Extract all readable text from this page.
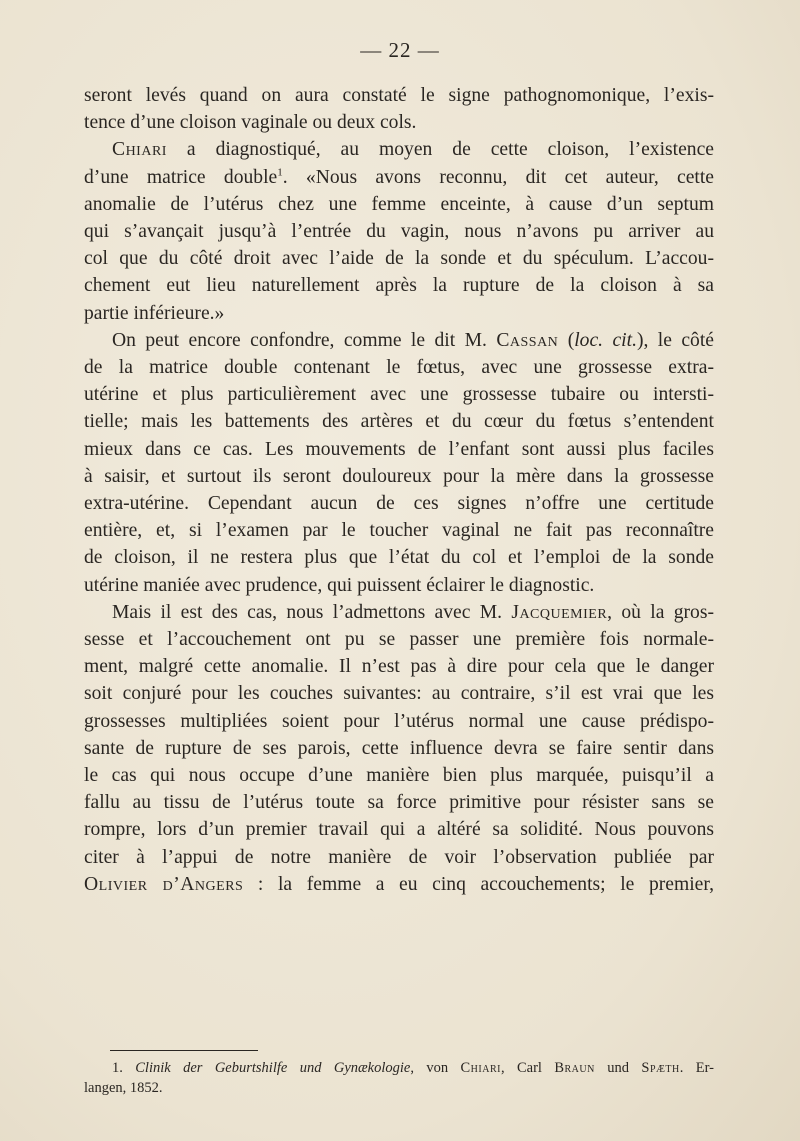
— 22 —

seront levés quand on aura constaté le signe pathognomonique, l’exis-
tence d’une cloison vaginale ou deux cols.

Chiari a diagnostiqué, au moyen de cette cloison, l’existence
d’une matrice double$^1$. «Nous avons reconnu, dit cet auteur, cette
anomalie de l’utérus chez une femme enceinte, à cause d’un septum
qui s’avançait jusqu’à l’entrée du vagin, nous n’avons pu arriver au
col que du côté droit avec l’aide de la sonde et du spéculum. L’accou-
chement eut lieu naturellement après la rupture de la cloison à sa
partie inférieure.»

On peut encore confondre, comme le dit M. Cassan (loc. cit.), le côté
de la matrice double contenant le fœtus, avec une grossesse extra-
utérine et plus particulièrement avec une grossesse tubaire ou intersti-
tielle; mais les battements des artères et du cœur du fœtus s’entendent
mieux dans ce cas. Les mouvements de l’enfant sont aussi plus faciles
à saisir, et surtout ils seront douloureux pour la mère dans la grossesse
extra-utérine. Cependant aucun de ces signes n’offre une certitude
entière, et, si l’examen par le toucher vaginal ne fait pas reconnaître
de cloison, il ne restera plus que l’état du col et l’emploi de la sonde
utérine maniée avec prudence, qui puissent éclairer le diagnostic.

Mais il est des cas, nous l’admettons avec M. Jacquemier, où la gros-
sesse et l’accouchement ont pu se passer une première fois normale-
ment, malgré cette anomalie. Il n’est pas à dire pour cela que le danger
soit conjuré pour les couches suivantes: au contraire, s’il est vrai que les
grossesses multipliées soient pour l’utérus normal une cause prédispo-
sante de rupture de ses parois, cette influence devra se faire sentir dans
le cas qui nous occupe d’une manière bien plus marquée, puisqu’il a
fallu au tissu de l’utérus toute sa force primitive pour résister sans se
rompre, lors d’un premier travail qui a altéré sa solidité. Nous pouvons
citer à l’appui de notre manière de voir l’observation publiée par
Olivier d’Angers : la femme a eu cinq accouchements; le premier,

1. Clinik der Geburtshilfe und Gynækologie, von Chiari, Carl Braun und Spæth. Er-
langen, 1852.
